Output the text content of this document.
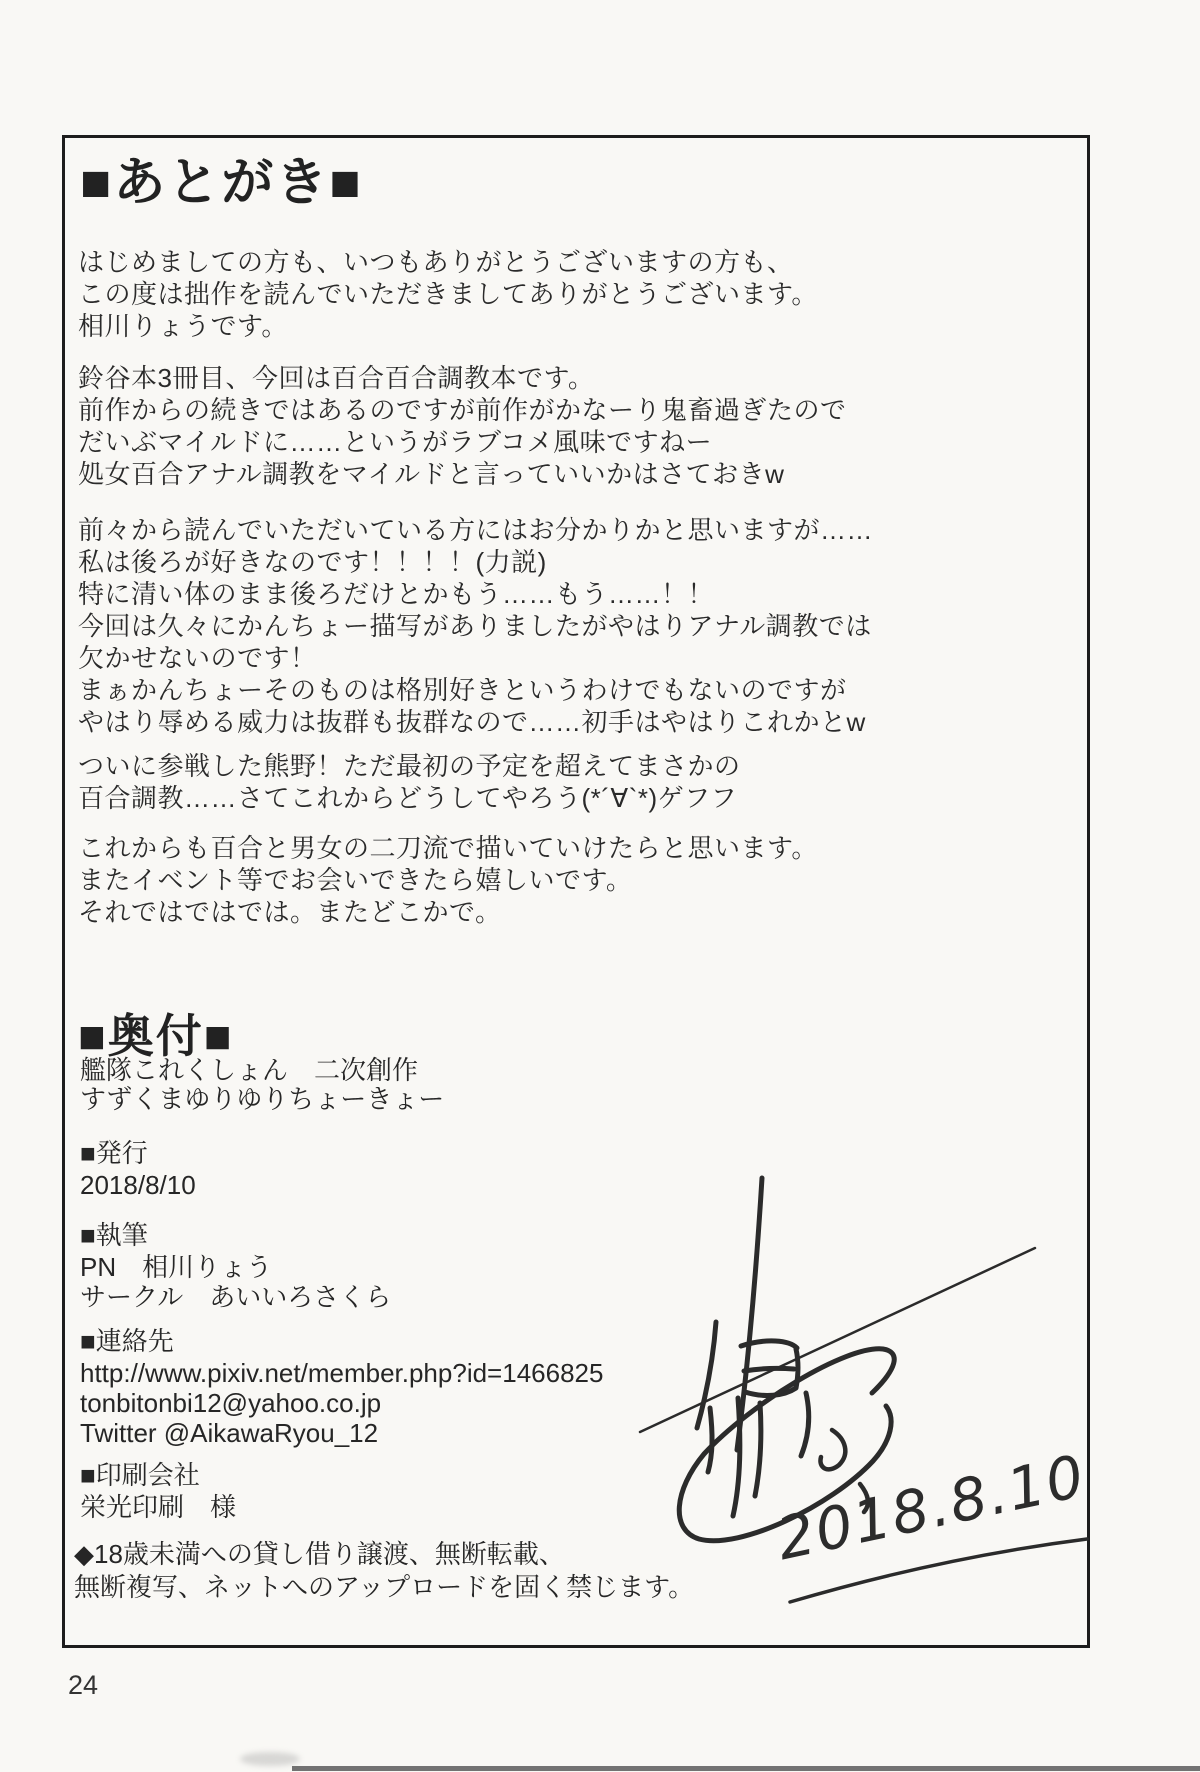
■あとがき■
はじめましての方も、いつもありがとうございますの方も、
この度は拙作を読んでいただきましてありがとうございます。
相川りょうです。
鈴谷本3冊目、今回は百合百合調教本です。
前作からの続きではあるのですが前作がかなーり鬼畜過ぎたので
だいぶマイルドに……というがラブコメ風味ですねー
処女百合アナル調教をマイルドと言っていいかはさておきw
前々から読んでいただいている方にはお分かりかと思いますが……
私は後ろが好きなのです！！！！(力説)
特に清い体のまま後ろだけとかもう……もう……！！
今回は久々にかんちょー描写がありましたがやはりアナル調教では
欠かせないのです！
まぁかんちょーそのものは格別好きというわけでもないのですが
やはり辱める威力は抜群も抜群なので……初手はやはりこれかとw
ついに参戦した熊野！ただ最初の予定を超えてまさかの
百合調教……さてこれからどうしてやろう(*´∀`*)ゲフフ
これからも百合と男女の二刀流で描いていけたらと思います。
またイベント等でお会いできたら嬉しいです。
それではではでは。またどこかで。
■奥付■
艦隊これくしょん　二次創作
すずくまゆりゆりちょーきょー
■発行
2018/8/10
■執筆
PN　相川りょう
サークル　あいいろさくら
■連絡先
http://www.pixiv.net/member.php?id=1466825
tonbitonbi12@yahoo.co.jp
Twitter @AikawaRyou_12
■印刷会社
栄光印刷　様
◆18歳未満への貸し借り譲渡、無断転載、
無断複写、ネットへのアップロードを固く禁じます。
2018.8.10
24
